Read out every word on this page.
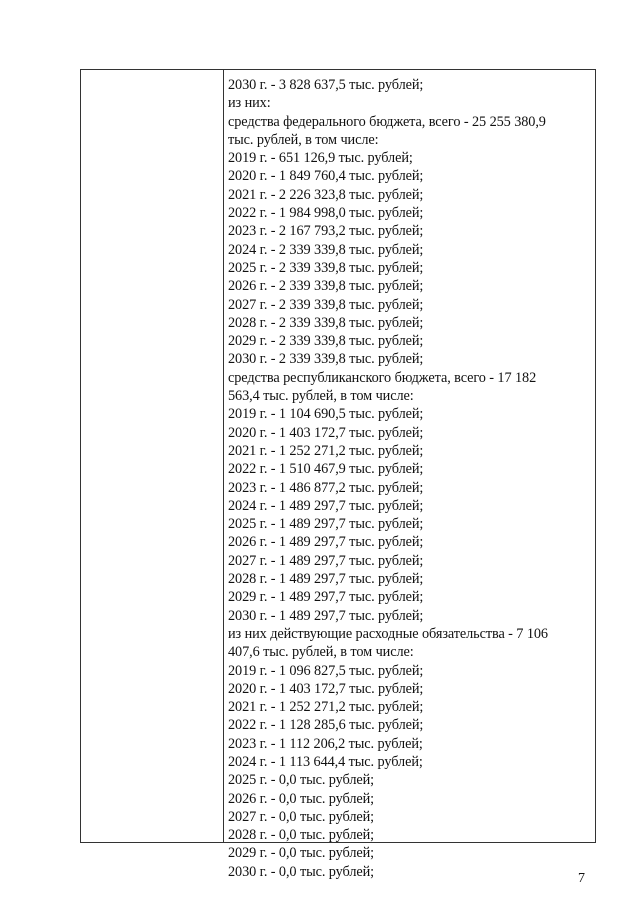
2030 г. - 3 828 637,5 тыс. рублей;
из них:
средства федерального бюджета, всего - 25 255 380,9
тыс. рублей, в том числе:
2019 г. - 651 126,9 тыс. рублей;
2020 г. - 1 849 760,4 тыс. рублей;
2021 г. - 2 226 323,8 тыс. рублей;
2022 г. - 1 984 998,0 тыс. рублей;
2023 г. - 2 167 793,2 тыс. рублей;
2024 г. - 2 339 339,8 тыс. рублей;
2025 г. - 2 339 339,8 тыс. рублей;
2026 г. - 2 339 339,8 тыс. рублей;
2027 г. - 2 339 339,8 тыс. рублей;
2028 г. - 2 339 339,8 тыс. рублей;
2029 г. - 2 339 339,8 тыс. рублей;
2030 г. - 2 339 339,8 тыс. рублей;
средства республиканского бюджета, всего - 17 182
563,4 тыс. рублей, в том числе:
2019 г. - 1 104 690,5 тыс. рублей;
2020 г. - 1 403 172,7 тыс. рублей;
2021 г. - 1 252 271,2 тыс. рублей;
2022 г. - 1 510 467,9 тыс. рублей;
2023 г. - 1 486 877,2 тыс. рублей;
2024 г. - 1 489 297,7 тыс. рублей;
2025 г. - 1 489 297,7 тыс. рублей;
2026 г. - 1 489 297,7 тыс. рублей;
2027 г. - 1 489 297,7 тыс. рублей;
2028 г. - 1 489 297,7 тыс. рублей;
2029 г. - 1 489 297,7 тыс. рублей;
2030 г. - 1 489 297,7 тыс. рублей;
из них действующие расходные обязательства - 7 106
407,6 тыс. рублей, в том числе:
2019 г. - 1 096 827,5 тыс. рублей;
2020 г. - 1 403 172,7 тыс. рублей;
2021 г. - 1 252 271,2 тыс. рублей;
2022 г. - 1 128 285,6 тыс. рублей;
2023 г. - 1 112 206,2 тыс. рублей;
2024 г. - 1 113 644,4 тыс. рублей;
2025 г. - 0,0 тыс. рублей;
2026 г. - 0,0 тыс. рублей;
2027 г. - 0,0 тыс. рублей;
2028 г. - 0,0 тыс. рублей;
2029 г. - 0,0 тыс. рублей;
2030 г. - 0,0 тыс. рублей;	7
